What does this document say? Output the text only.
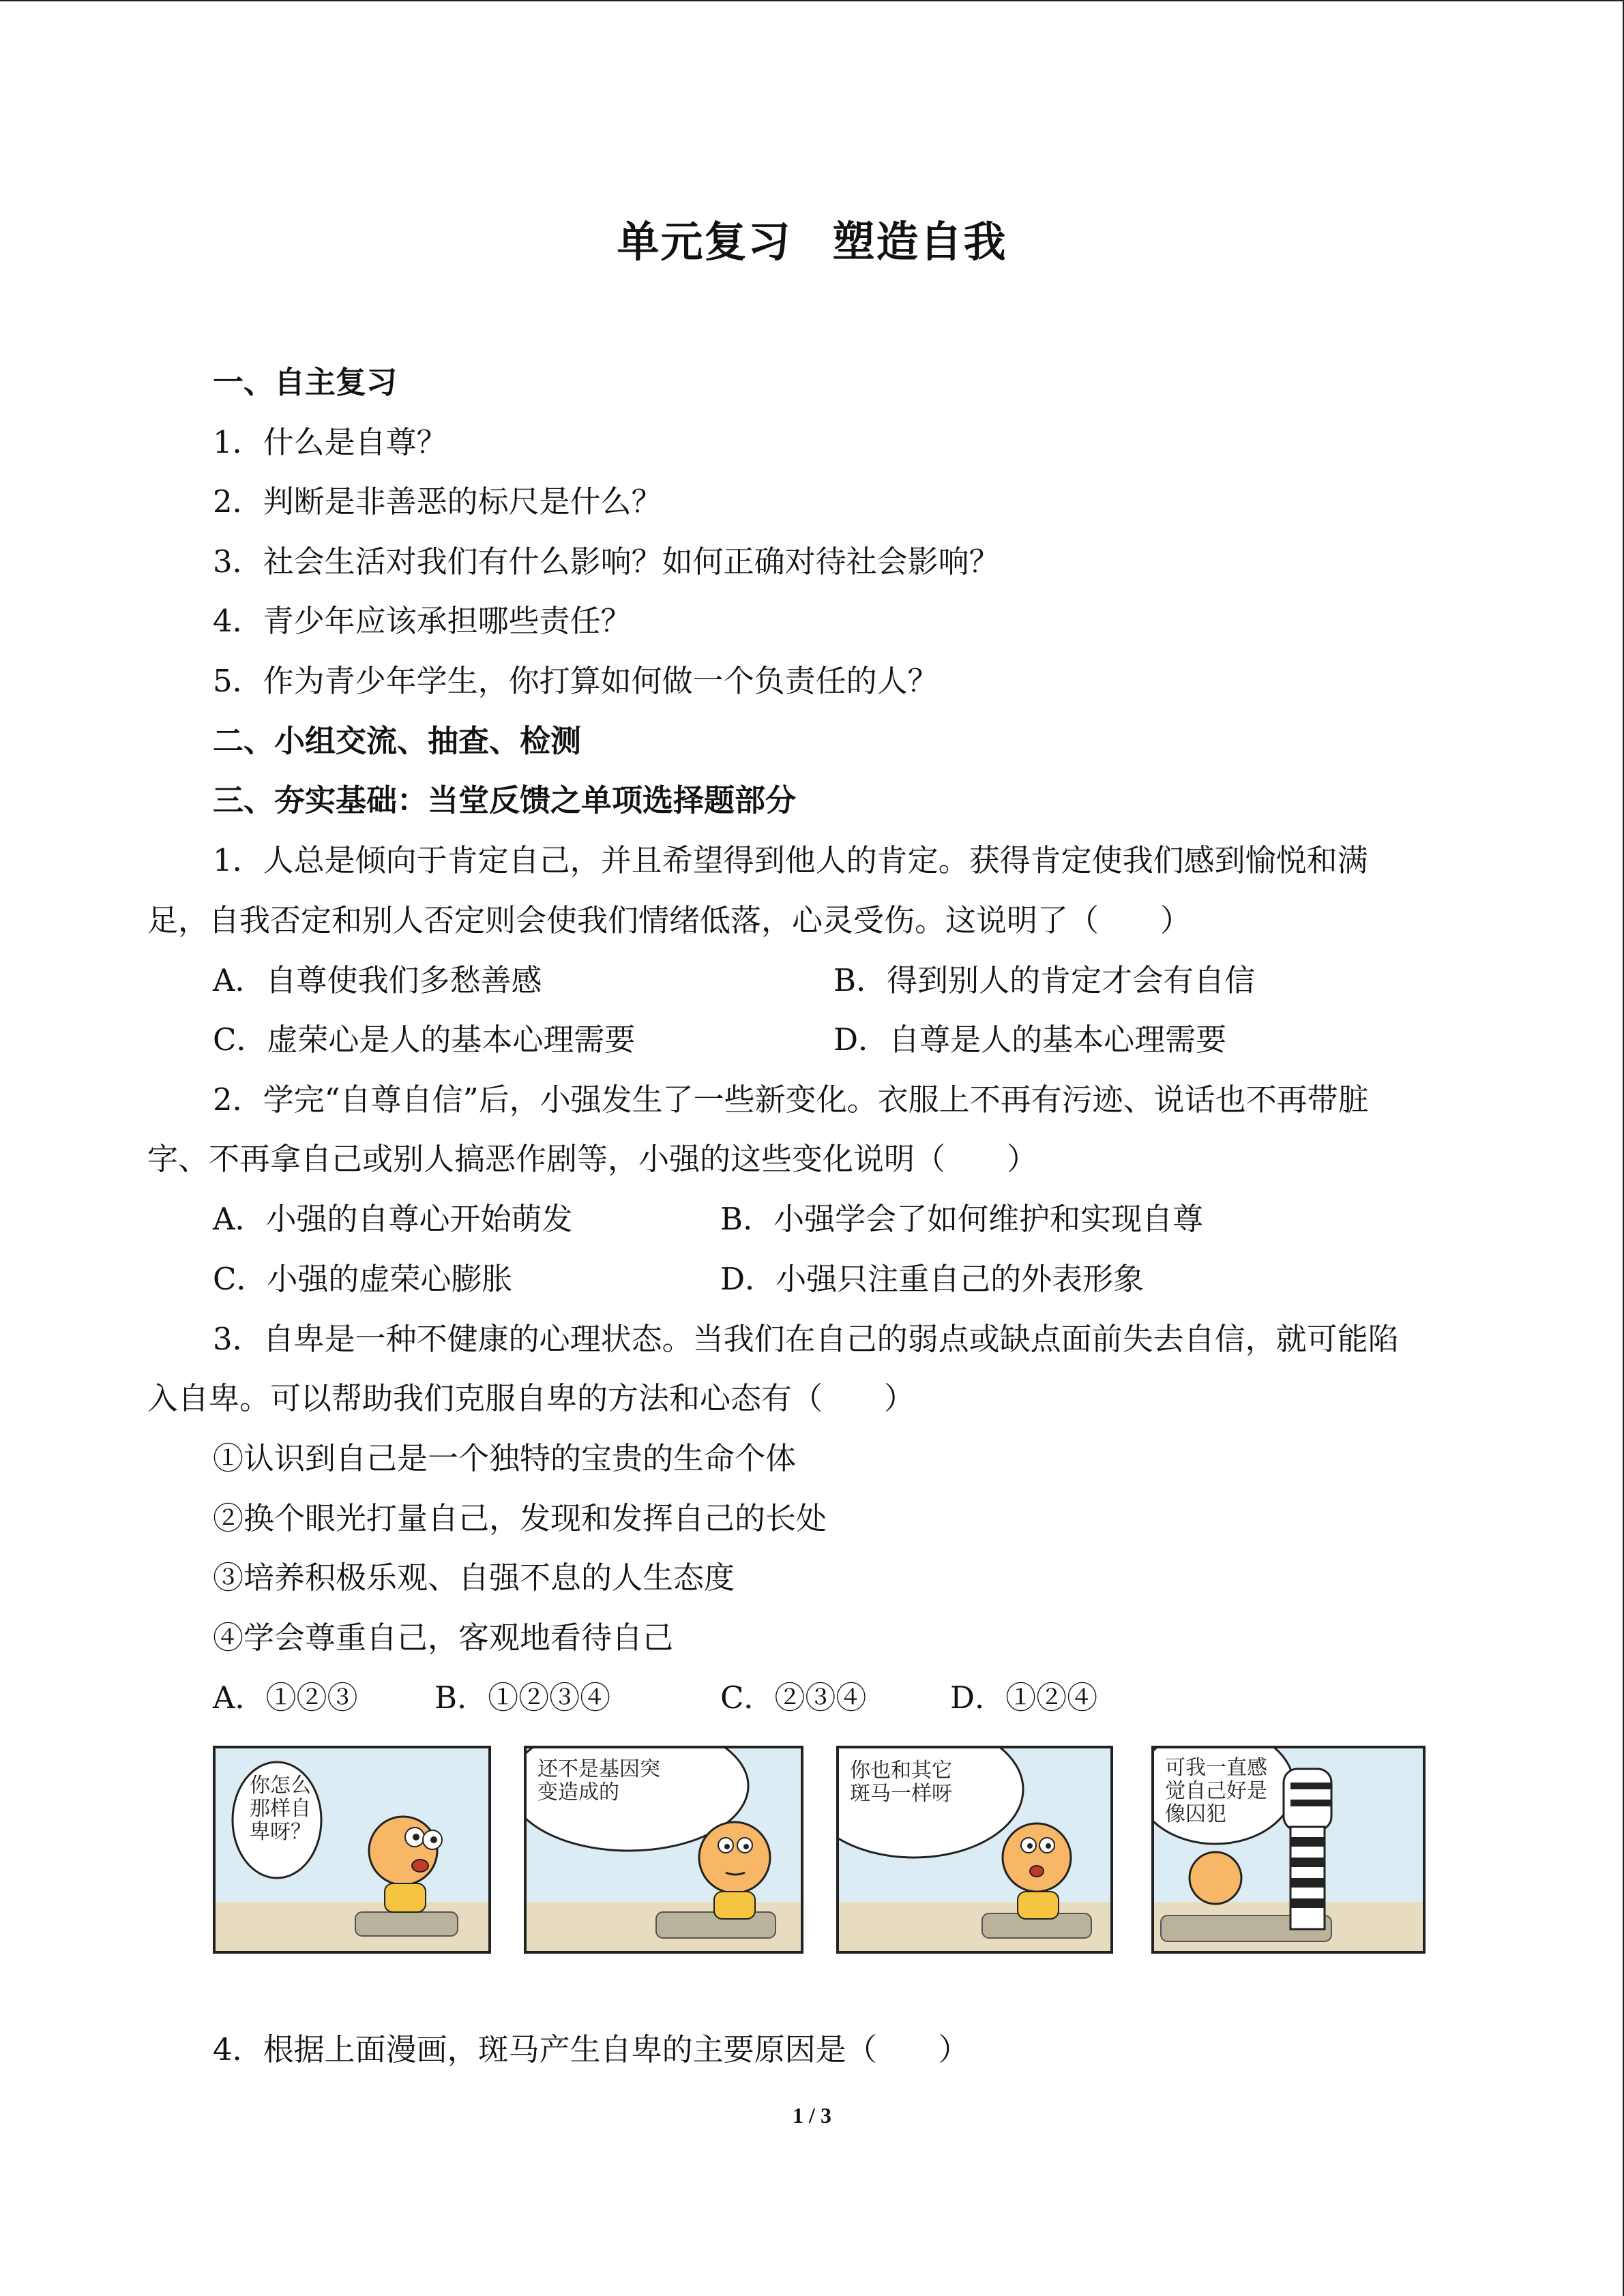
单元复习 塑造自我
一、自主复习
1．什么是自尊？
2．判断是非善恶的标尺是什么？
3．社会生活对我们有什么影响？如何正确对待社会影响？
4．青少年应该承担哪些责任？
5．作为青少年学生，你打算如何做一个负责任的人？
二、小组交流、抽查、检测
三、夯实基础：当堂反馈之单项选择题部分
1．人总是倾向于肯定自己，并且希望得到他人的肯定。获得肯定使我们感到愉悦和满
足，自我否定和别人否定则会使我们情绪低落，心灵受伤。这说明了（　　）
A．自尊使我们多愁善感	B．得到别人的肯定才会有自信
C．虚荣心是人的基本心理需要	D．自尊是人的基本心理需要
2．学完“自尊自信”后，小强发生了一些新变化。衣服上不再有污迹、说话也不再带脏
字、不再拿自己或别人搞恶作剧等，小强的这些变化说明（　　）
A．小强的自尊心开始萌发	B．小强学会了如何维护和实现自尊
C．小强的虚荣心膨胀	D．小强只注重自己的外表形象
3．自卑是一种不健康的心理状态。当我们在自己的弱点或缺点面前失去自信，就可能陷
入自卑。可以帮助我们克服自卑的方法和心态有（　　）
①认识到自己是一个独特的宝贵的生命个体
②换个眼光打量自己，发现和发挥自己的长处
③培养积极乐观、自强不息的人生态度
④学会尊重自己，客观地看待自己
A．①②③	B．①②③④	C．②③④	D．①②④
你怎么
那样自
卑呀？
还不是基因突
变造成的
你也和其它
斑马一样呀
可我一直感
觉自己好是
像囚犯
4．根据上面漫画，斑马产生自卑的主要原因是（　　）
1 / 3
